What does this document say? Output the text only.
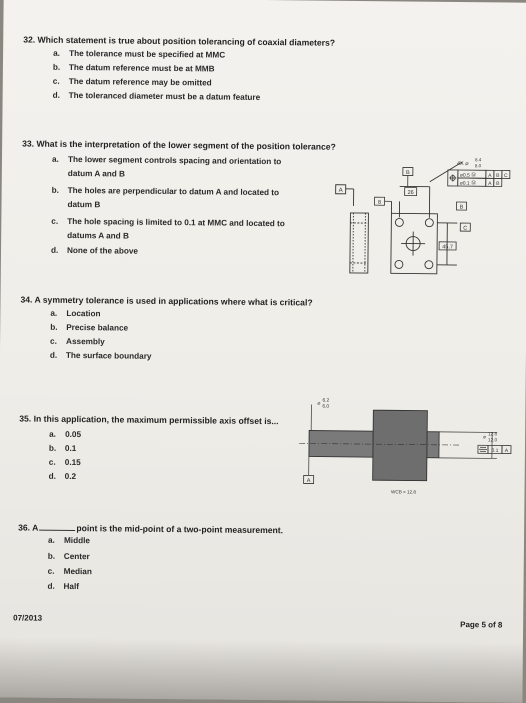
32. Which statement is true about position tolerancing of coaxial diameters?
a. The tolerance must be specified at MMC
b. The datum reference must be at MMB
c. The datum reference may be omitted
d. The toleranced diameter must be a datum feature
33. What is the interpretation of the lower segment of the position tolerance?
a. The lower segment controls spacing and orientation to
datum A and B
b. The holes are perpendicular to datum A and located to
datum B
c. The hole spacing is limited to 0.1 at MMC and located to
datums A and B
d. None of the above
A
B
26
8
B
C
45.7
4X ⌀
8.4
8.0
⌀0.5 Ⓜ A B C
⌀0.1 Ⓜ A B
34. A symmetry tolerance is used in applications where what is critical?
a. Location
b. Precise balance
c. Assembly
d. The surface boundary
35. In this application, the maximum permissible axis offset is...
a. 0.05
b. 0.1
c. 0.15
d. 0.2
⌀ 6.2
6.0
⌀
12.8
12.0
0.1 A
A
WCB = 12.8
36. A	point is the mid-point of a two-point measurement.
a. Middle
b. Center
c. Median
d. Half
07/2013
Page 5 of 8
